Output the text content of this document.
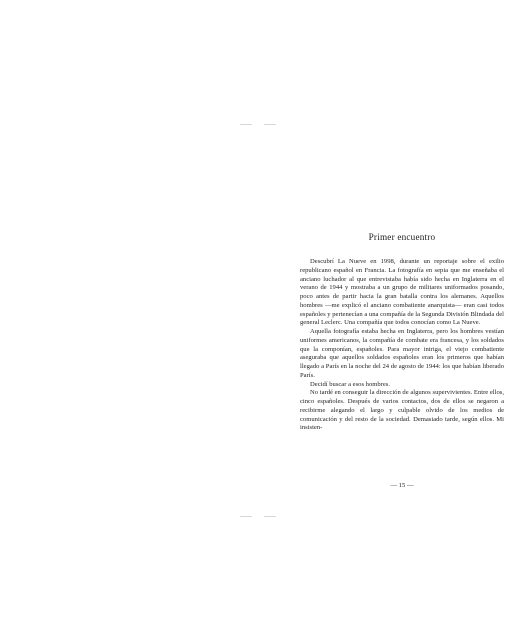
Primer encuentro

Descubrí La Nueve en 1998, durante un reportaje sobre el exilio republicano español en Francia. La fotografía en sepia que me enseñaba el anciano luchador al que entrevistaba había sido hecha en Inglaterra en el verano de 1944 y mostraba a un grupo de militares uniformados posando, poco antes de partir hacia la gran batalla contra los alemanes. Aquellos hombres —me explicó el anciano combatiente anarquista— eran casi todos españoles y pertenecían a una compañía de la Segunda División Blindada del general Leclerc. Una compañía que todos conocían como La Nueve.

Aquella fotografía estaba hecha en Inglaterra, pero los hombres vestían uniformes americanos, la compañía de combate era francesa, y los soldados que la componían, españoles. Para mayor intriga, el viejo combatiente aseguraba que aquellos soldados españoles eran los primeros que habían llegado a París en la noche del 24 de agosto de 1944: los que habían liberado París.

Decidí buscar a esos hombres.

No tardé en conseguir la dirección de algunos supervivientes. Entre ellos, cinco españoles. Después de varios contactos, dos de ellos se negaron a recibirme alegando el largo y culpable olvido de los medios de comunicación y del resto de la sociedad. Demasiado tarde, según ellos. Mi insisten-

— 15 —
